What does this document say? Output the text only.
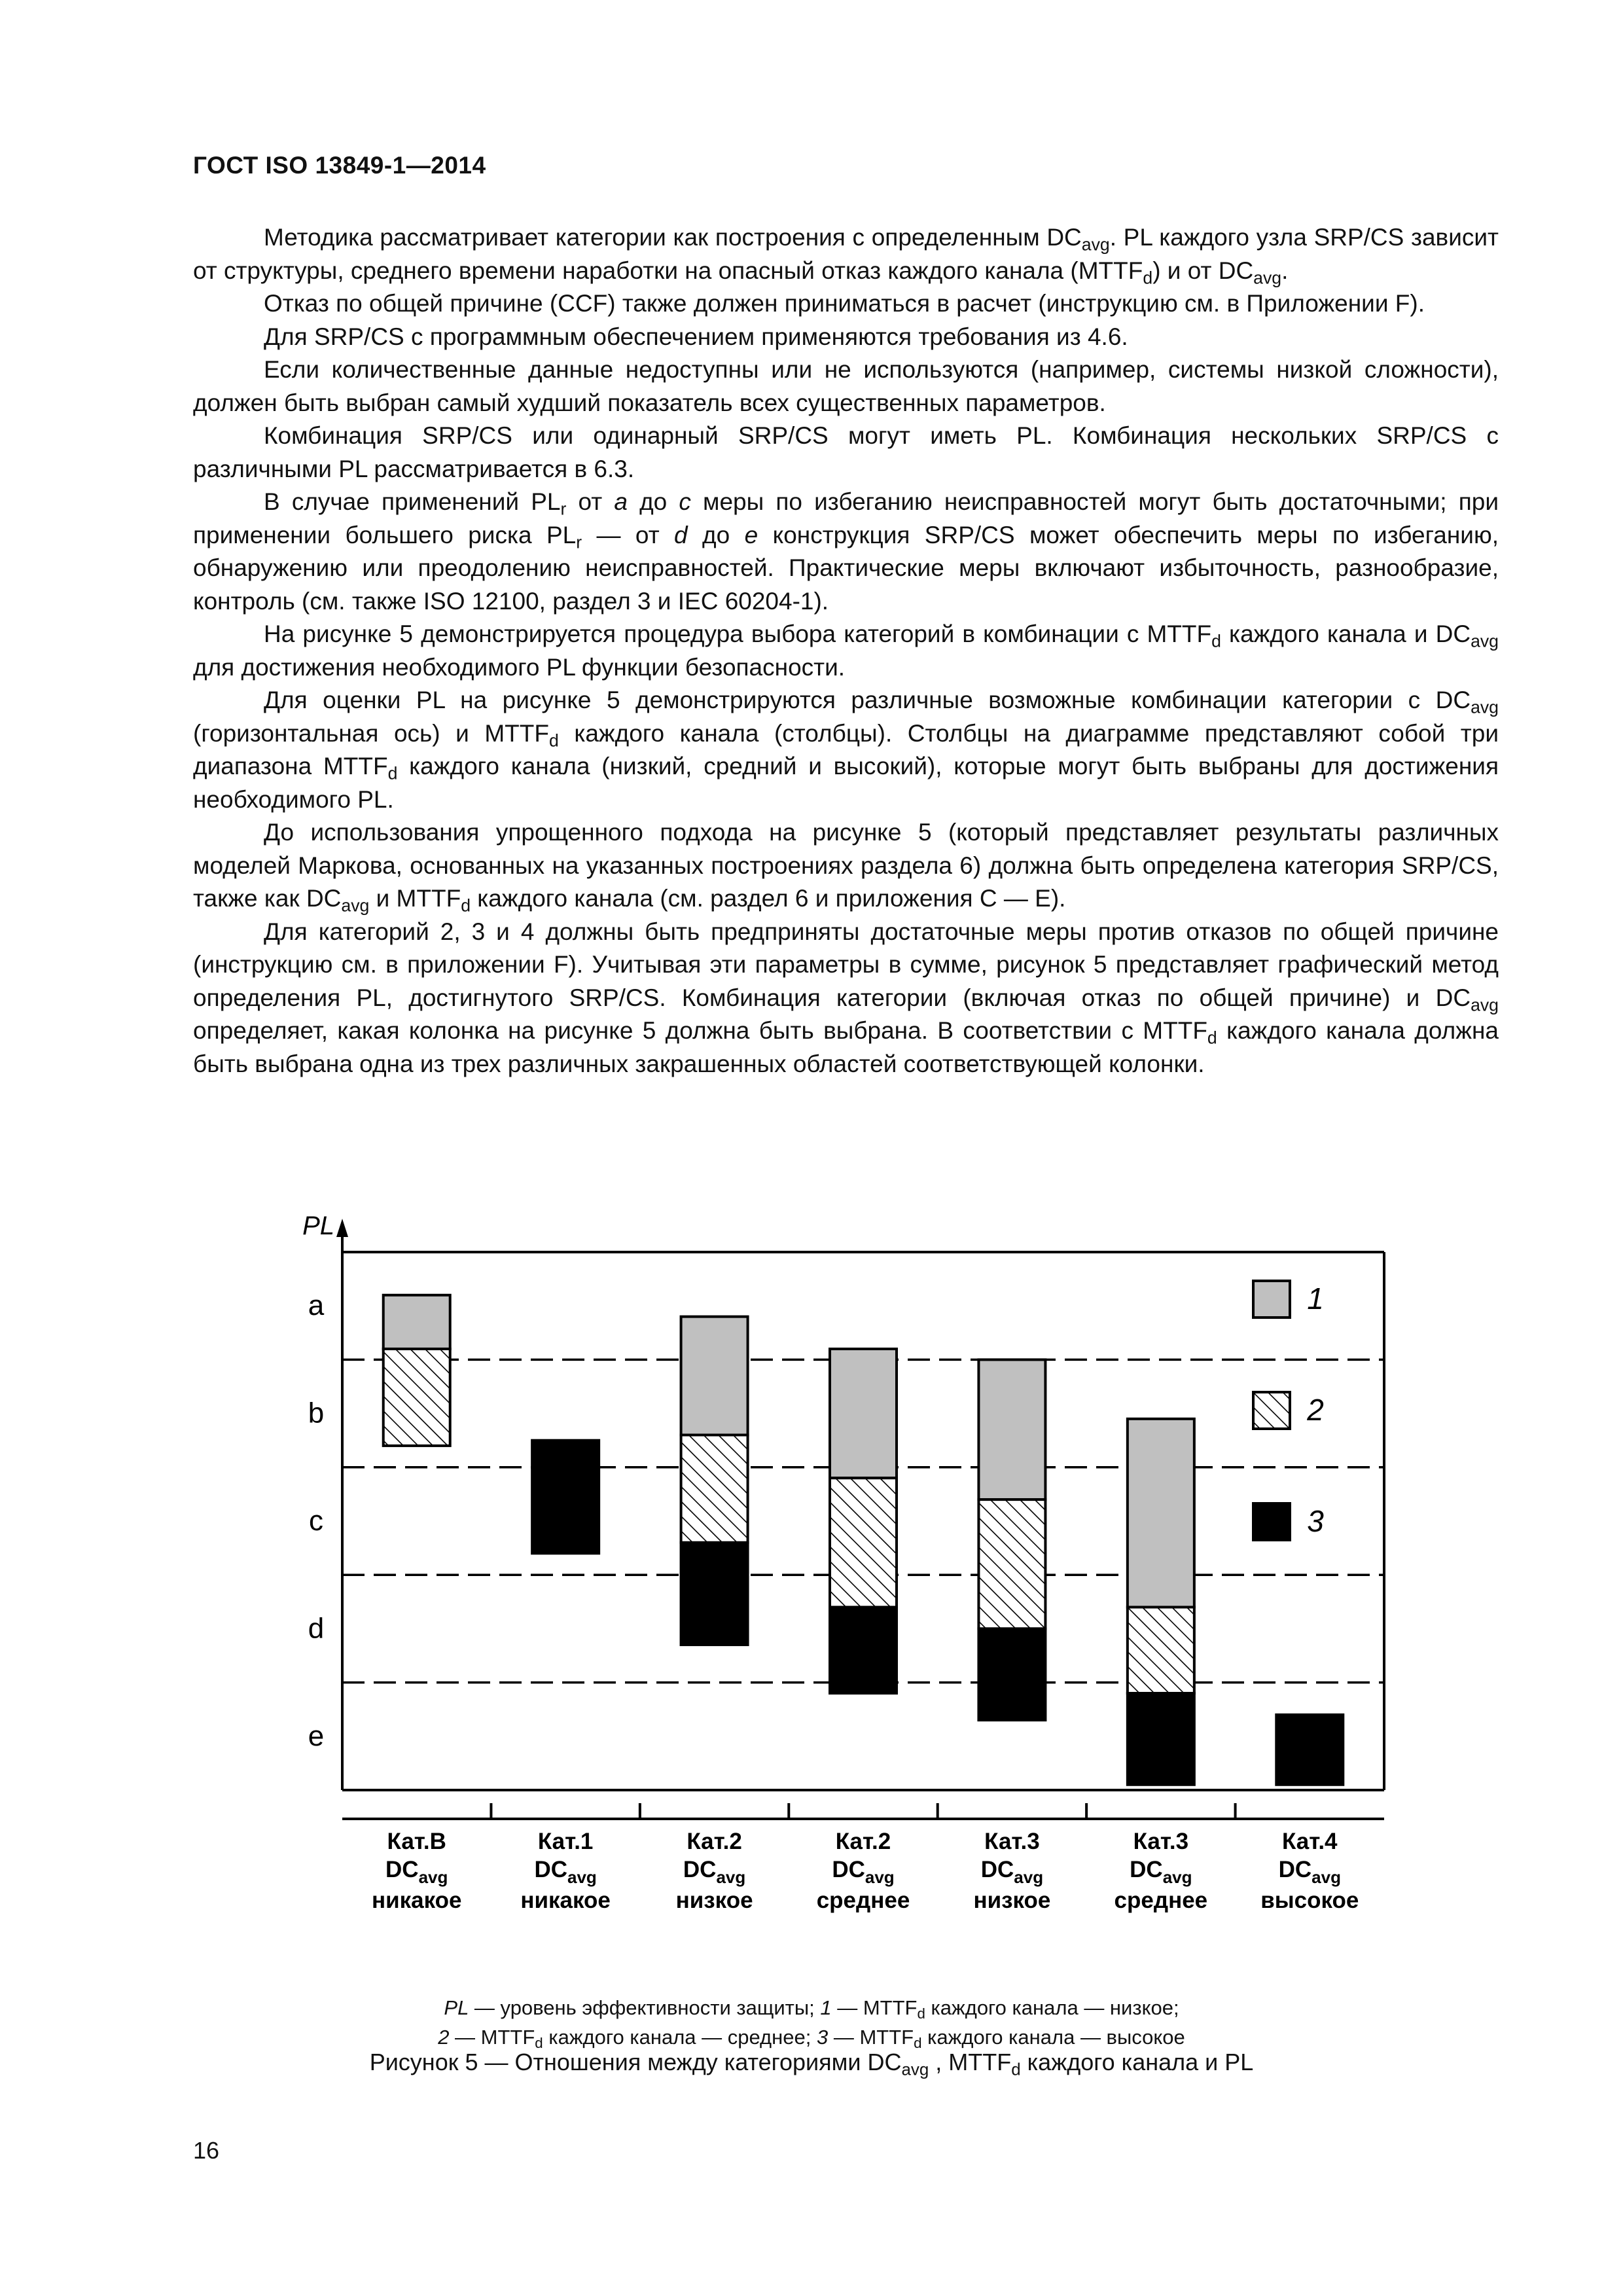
ГОСТ ISO 13849-1—2014

Методика рассматривает категории как построения с определенным $DC_{avg}$. PL каждого узла SRP/CS зависит от структуры, среднего времени наработки на опасный отказ каждого канала $(MTTF_d)$ и от $DC_{avg}$.

Отказ по общей причине (CCF) также должен приниматься в расчет (инструкцию см. в Приложении F).

Для SRP/CS с программным обеспечением применяются требования из 4.6.

Если количественные данные недоступны или не используются (например, системы низкой сложности), должен быть выбран самый худший показатель всех существенных параметров.

Комбинация SRP/CS или одинарный SRP/CS могут иметь PL. Комбинация нескольких SRP/CS с различными PL рассматривается в 6.3.

В случае применений $PL_r$ от a до c меры по избеганию неисправностей могут быть достаточными; при применении большего риска $PL_r$ — от d до e конструкция SRP/CS может обеспечить меры по избеганию, обнаружению или преодолению неисправностей. Практические меры включают избыточность, разнообразие, контроль (см. также ISO 12100, раздел 3 и IEC 60204-1).

На рисунке 5 демонстрируется процедура выбора категорий в комбинации с $MTTF_d$ каждого канала и $DC_{avg}$ для достижения необходимого PL функции безопасности.

Для оценки PL на рисунке 5 демонстрируются различные возможные комбинации категории с $DC_{avg}$ (горизонтальная ось) и $MTTF_d$ каждого канала (столбцы). Столбцы на диаграмме представляют собой три диапазона $MTTF_d$ каждого канала (низкий, средний и высокий), которые могут быть выбраны для достижения необходимого PL.

До использования упрощенного подхода на рисунке 5 (который представляет результаты различных моделей Маркова, основанных на указанных построениях раздела 6) должна быть определена категория SRP/CS, также как $DC_{avg}$ и $MTTF_d$ каждого канала (см. раздел 6 и приложения С — Е).

Для категорий 2, 3 и 4 должны быть предприняты достаточные меры против отказов по общей причине (инструкцию см. в приложении F). Учитывая эти параметры в сумме, рисунок 5 представляет графический метод определения PL, достигнутого SRP/CS. Комбинация категории (включая отказ по общей причине) и $DC_{avg}$ определяет, какая колонка на рисунке 5 должна быть выбрана. В соответствии с $MTTF_d$ каждого канала должна быть выбрана одна из трех различных закрашенных областей соответствующей колонки.

PL
a
b
c
d
e
Кат.B
$DC_{avg}$
никакое
Кат.1
$DC_{avg}$
никакое
Кат.2
$DC_{avg}$
низкое
Кат.2
$DC_{avg}$
среднее
Кат.3
$DC_{avg}$
низкое
Кат.3
$DC_{avg}$
среднее
Кат.4
$DC_{avg}$
высокое
1
2
3
PL — уровень эффективности защиты; 1 — $MTTF_d$ каждого канала — низкое;
2 — $MTTF_d$ каждого канала — среднее; 3 — $MTTF_d$ каждого канала — высокое
Рисунок 5 — Отношения между категориями $DC_{avg}$ , $MTTF_d$ каждого канала и PL
16
